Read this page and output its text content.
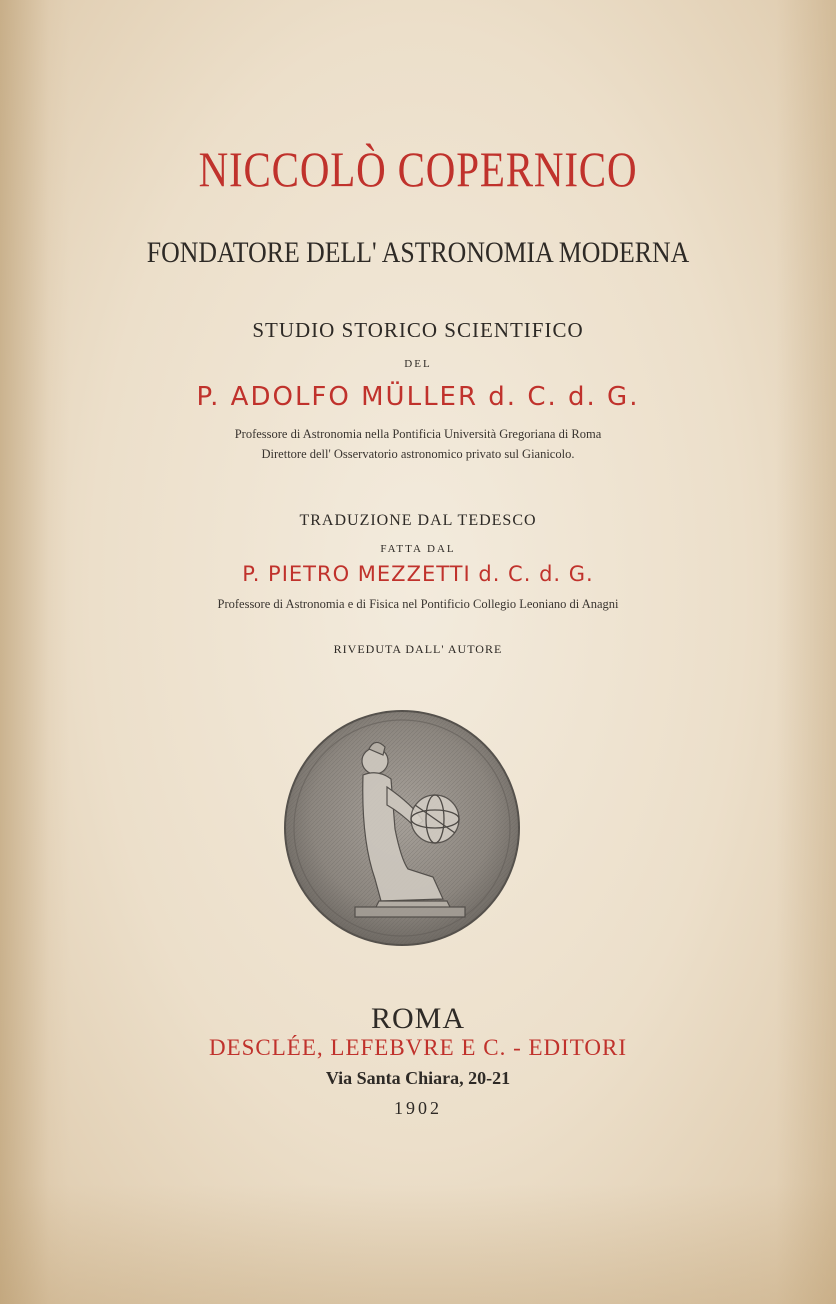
NICCOLÒ COPERNICO
FONDATORE DELL' ASTRONOMIA MODERNA
STUDIO STORICO SCIENTIFICO
DEL
P. ADOLFO MÜLLER d. C. d. G.
Professore di Astronomia nella Pontificia Università Gregoriana di Roma
Direttore dell' Osservatorio astronomico privato sul Gianicolo.
TRADUZIONE DAL TEDESCO
FATTA DAL
P. PIETRO MEZZETTI d. C. d. G.
Professore di Astronomia e di Fisica nel Pontificio Collegio Leoniano di Anagni
RIVEDUTA DALL' AUTORE
ROMA
DESCLÉE, LEFEBVRE E C. - EDITORI
Via Santa Chiara, 20-21
1902
